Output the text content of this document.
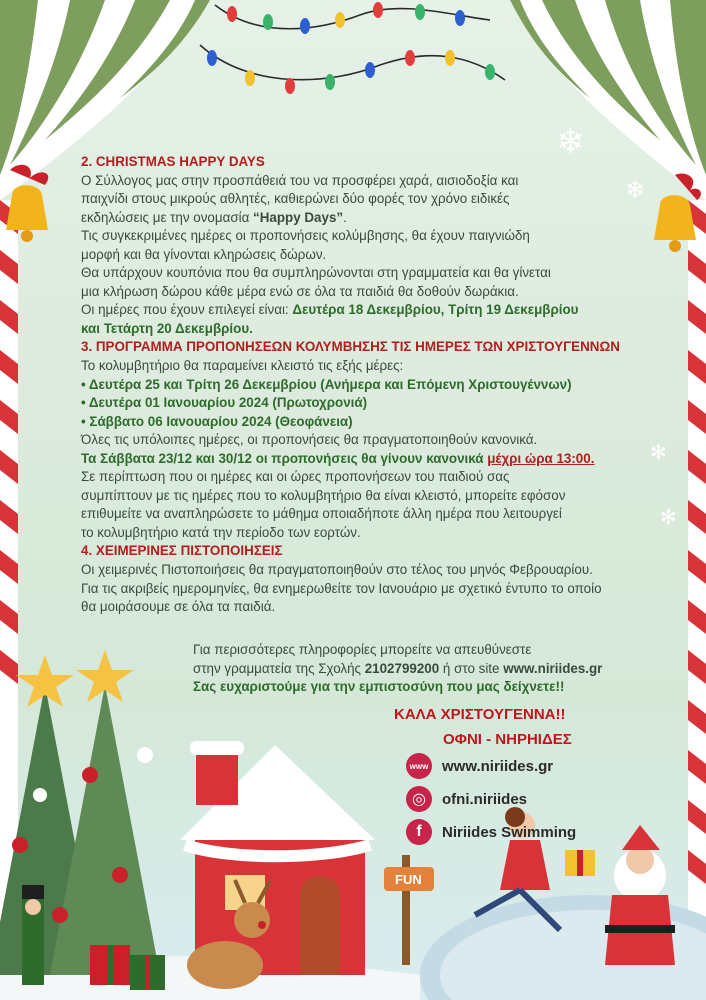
❄
❄
✻
✻
FUN
2. CHRISTMAS HAPPY DAYS
Ο Σύλλογος μας στην προσπάθειά του να προσφέρει χαρά, αισιοδοξία και
παιχνίδι στους μικρούς αθλητές, καθιερώνει δύο φορές τον χρόνο ειδικές
εκδηλώσεις με την ονομασία “Happy Days”.
Τις συγκεκριμένες ημέρες οι προπονήσεις κολύμβησης, θα έχουν παιγνιώδη
μορφή και θα γίνονται κληρώσεις δώρων.
Θα υπάρχουν κουπόνια που θα συμπληρώνονται στη γραμματεία και θα γίνεται
μια κλήρωση δώρου κάθε μέρα ενώ σε όλα τα παιδιά θα δοθούν δωράκια.
Οι ημέρες που έχουν επιλεγεί είναι: Δευτέρα 18 Δεκεμβρίου, Τρίτη 19 Δεκεμβρίου
και Τετάρτη 20 Δεκεμβρίου.
3. ΠΡΟΓΡΑΜΜΑ ΠΡΟΠΟΝΗΣΕΩΝ ΚΟΛΥΜΒΗΣΗΣ ΤΙΣ ΗΜΕΡΕΣ ΤΩΝ ΧΡΙΣΤΟΥΓΕΝΝΩΝ
Το κολυμβητήριο θα παραμείνει κλειστό τις εξής μέρες:
• Δευτέρα 25 και Τρίτη 26 Δεκεμβρίου (Ανήμερα και Επόμενη Χριστουγέννων)
• Δευτέρα 01 Ιανουαρίου 2024 (Πρωτοχρονιά)
• Σάββατο 06 Ιανουαρίου 2024 (Θεοφάνεια)
Όλες τις υπόλοιπες ημέρες, οι προπονήσεις θα πραγματοποιηθούν κανονικά.
Τα Σάββατα 23/12 και 30/12 οι προπονήσεις θα γίνουν κανονικά μέχρι ώρα 13:00.
Σε περίπτωση που οι ημέρες και οι ώρες προπονήσεων του παιδιού σας
συμπίπτουν με τις ημέρες που το κολυμβητήριο θα είναι κλειστό, μπορείτε εφόσον
επιθυμείτε να αναπληρώσετε το μάθημα οποιαδήποτε άλλη ημέρα που λειτουργεί
το κολυμβητήριο κατά την περίοδο των εορτών.
4. ΧΕΙΜΕΡΙΝΕΣ ΠΙΣΤΟΠΟΙΗΣΕΙΣ
Οι χειμερινές Πιστοποιήσεις θα πραγματοποιηθούν στο τέλος του μηνός Φεβρουαρίου.
Για τις ακριβείς ημερομηνίες, θα ενημερωθείτε τον Ιανουάριο με σχετικό έντυπο το οποίο
θα μοιράσουμε σε όλα τα παιδιά.
Για περισσότερες πληροφορίες μπορείτε να απευθύνεστε
στην γραμματεία της Σχολής 2102799200 ή στο site www.niriides.gr
Σας ευχαριστούμε για την εμπιστοσύνη που μας δείχνετε!!
ΚΑΛΑ ΧΡΙΣΤΟΥΓΕΝΝΑ!!
ΟΦΝΙ - ΝΗΡΗΙΔΕΣ
www www.niriides.gr
◎	ofni.niriides
f	Niriides Swimming
